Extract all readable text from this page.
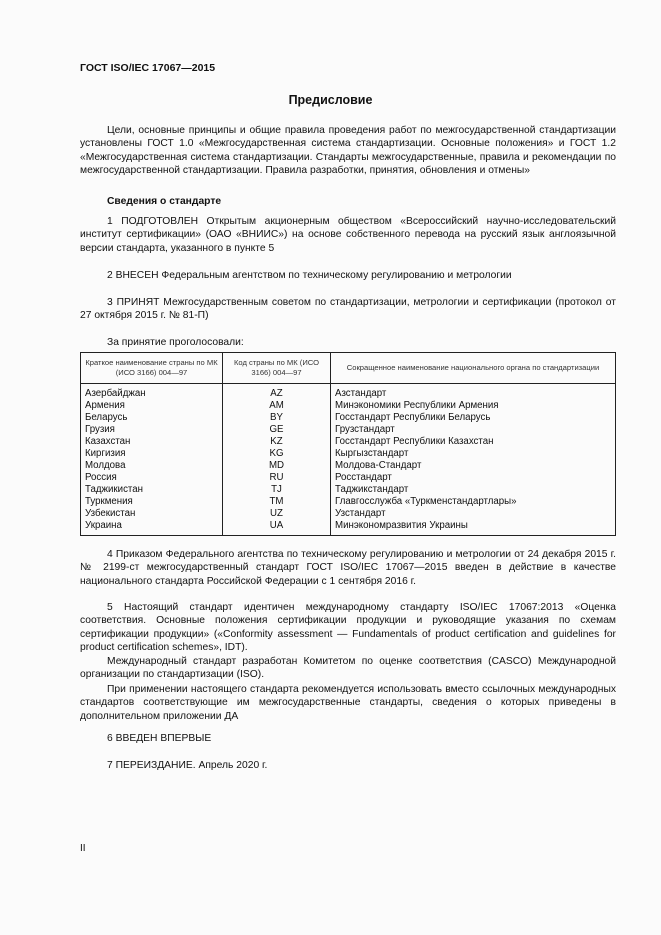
ГОСТ ISO/IEC 17067—2015
Предисловие

Цели, основные принципы и общие правила проведения работ по межгосударственной стандартизации установлены ГОСТ 1.0 «Межгосударственная система стандартизации. Основные положения» и ГОСТ 1.2 «Межгосударственная система стандартизации. Стандарты межгосударственные, правила и рекомендации по межгосударственной стандартизации. Правила разработки, принятия, обновления и отмены»

Сведения о стандарте

1 ПОДГОТОВЛЕН Открытым акционерным обществом «Всероссийский научно-исследовательский институт сертификации» (ОАО «ВНИИС») на основе собственного перевода на русский язык англоязычной версии стандарта, указанного в пункте 5

2 ВНЕСЕН Федеральным агентством по техническому регулированию и метрологии

3 ПРИНЯТ Межгосударственным советом по стандартизации, метрологии и сертификации (протокол от 27 октября 2015 г. № 81-П)

За принятие проголосовали:

Краткое наименование страны по МК (ИСО 3166) 004—97	Код страны по МК (ИСО 3166) 004—97	Сокращенное наименование национального органа по стандартизации
Азербайджан	AZ	Азстандарт
Армения	AM	Минэкономики Республики Армения
Беларусь	BY	Госстандарт Республики Беларусь
Грузия	GE	Грузстандарт
Казахстан	KZ	Госстандарт Республики Казахстан
Киргизия	KG	Кыргызстандарт
Молдова	MD	Молдова-Стандарт
Россия	RU	Росстандарт
Таджикистан	TJ	Таджикстандарт
Туркмения	TM	Главгосслужба «Туркменстандартлары»
Узбекистан	UZ	Узстандарт
Украина	UA	Минэкономразвития Украины

4 Приказом Федерального агентства по техническому регулированию и метрологии от 24 декабря 2015 г. № 2199-ст межгосударственный стандарт ГОСТ ISO/IEC 17067—2015 введен в действие в качестве национального стандарта Российской Федерации с 1 сентября 2016 г.

5 Настоящий стандарт идентичен международному стандарту ISO/IEC 17067:2013 «Оценка соответствия. Основные положения сертификации продукции и руководящие указания по схемам сертификации продукции» («Conformity assessment — Fundamentals of product certification and guidelines for product certification schemes», IDT).

Международный стандарт разработан Комитетом по оценке соответствия (CASCO) Международной организации по стандартизации (ISO).

При применении настоящего стандарта рекомендуется использовать вместо ссылочных международных стандартов соответствующие им межгосударственные стандарты, сведения о которых приведены в дополнительном приложении ДА

6 ВВЕДЕН ВПЕРВЫЕ

7 ПЕРЕИЗДАНИЕ. Апрель 2020 г.

II
